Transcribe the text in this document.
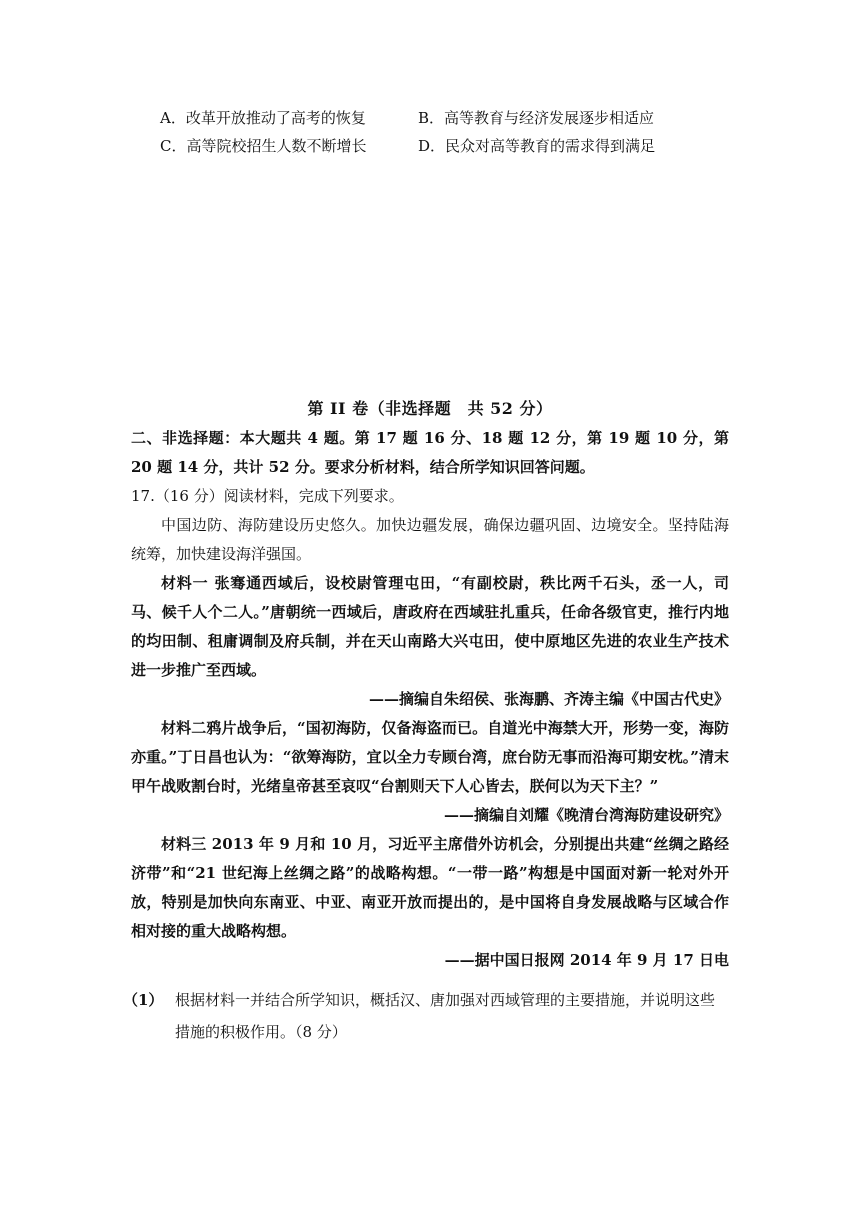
A．改革开放推动了高考的恢复	B．高等教育与经济发展逐步相适应
C．高等院校招生人数不断增长	D．民众对高等教育的需求得到满足
第 II 卷（非选择题　共 52 分）

二、非选择题：本大题共 4 题。第 17 题 16 分、18 题 12 分，第 19 题 10 分，第 20 题 14 分，共计 52 分。要求分析材料，结合所学知识回答问题。

17.（16 分）阅读材料，完成下列要求。

中国边防、海防建设历史悠久。加快边疆发展，确保边疆巩固、边境安全。坚持陆海统筹，加快建设海洋强国。

材料一 张骞通西域后，设校尉管理屯田，“有副校尉，秩比两千石头，丞一人，司马、候千人个二人。”唐朝统一西域后，唐政府在西域驻扎重兵，任命各级官吏，推行内地的均田制、租庸调制及府兵制，并在天山南路大兴屯田，使中原地区先进的农业生产技术进一步推广至西域。

——摘编自朱绍侯、张海鹏、齐涛主编《中国古代史》

材料二鸦片战争后，“国初海防，仅备海盗而已。自道光中海禁大开，形势一变，海防亦重。”丁日昌也认为：“欲筹海防，宜以全力专顾台湾，庶台防无事而沿海可期安枕。”清末甲午战败割台时，光绪皇帝甚至哀叹“台割则天下人心皆去，朕何以为天下主？”

——摘编自刘耀《晚清台湾海防建设研究》

材料三 2013 年 9 月和 10 月，习近平主席借外访机会，分别提出共建“丝绸之路经济带”和“21 世纪海上丝绸之路”的战略构想。“一带一路”构想是中国面对新一轮对外开放，特别是加快向东南亚、中亚、南亚开放而提出的，是中国将自身发展战略与区域合作相对接的重大战略构想。

——据中国日报网 2014 年 9 月 17 日电

（1） 根据材料一并结合所学知识，概括汉、唐加强对西域管理的主要措施，并说明这些措施的积极作用。（8 分）
